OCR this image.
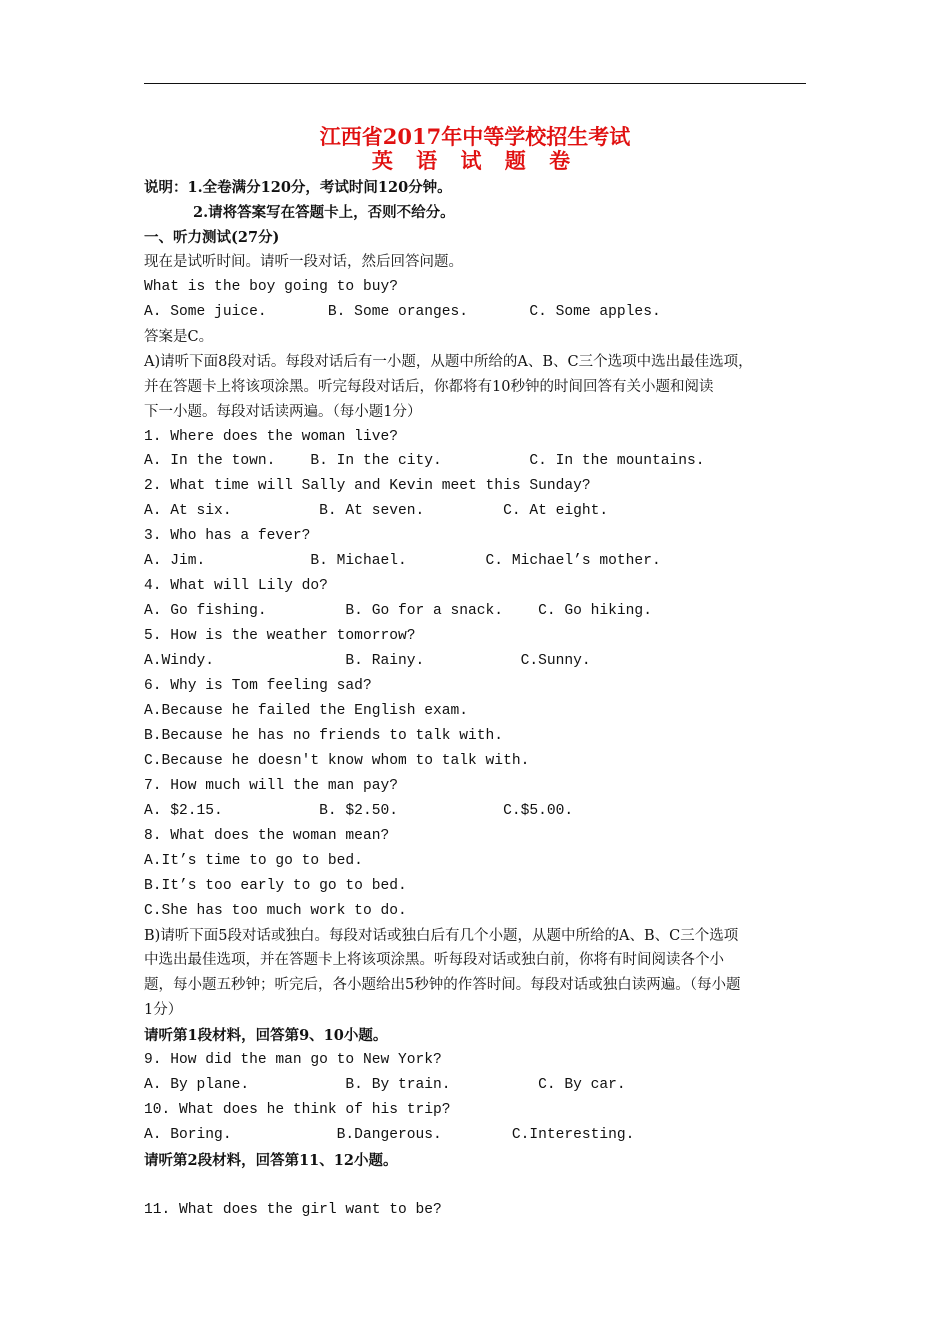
江西省2017年中等学校招生考试
英 语 试 题 卷
说明：1.全卷满分120分，考试时间120分钟。
2.请将答案写在答题卡上，否则不给分。
一、听力测试(27分)
现在是试听时间。请听一段对话，然后回答问题。
What is the boy going to buy?
A. Some juice.       B. Some oranges.       C. Some apples.
答案是C。
A)请听下面8段对话。每段对话后有一小题，从题中所给的A、B、C三个选项中选出最佳选项，
并在答题卡上将该项涂黑。听完每段对话后，你都将有10秒钟的时间回答有关小题和阅读
下一小题。每段对话读两遍。（每小题1分）
1. Where does the woman live?
A. In the town.    B. In the city.          C. In the mountains.
2. What time will Sally and Kevin meet this Sunday?
A. At six.          B. At seven.         C. At eight.
3. Who has a fever?
A. Jim.            B. Michael.         C. Michael’s mother.
4. What will Lily do?
A. Go fishing.         B. Go for a snack.    C. Go hiking.
5. How is the weather tomorrow?
A.Windy.               B. Rainy.           C.Sunny.
6. Why is Tom feeling sad?
A.Because he failed the English exam.
B.Because he has no friends to talk with.
C.Because he doesn't know whom to talk with.
7. How much will the man pay?
A. $2.15.           B. $2.50.            C.$5.00.
8. What does the woman mean?
A.It’s time to go to bed.
B.It’s too early to go to bed.
C.She has too much work to do.
B)请听下面5段对话或独白。每段对话或独白后有几个小题，从题中所给的A、B、C三个选项
中选出最佳选项，并在答题卡上将该项涂黑。听每段对话或独白前，你将有时间阅读各个小
题，每小题五秒钟；听完后，各小题给出5秒钟的作答时间。每段对话或独白读两遍。（每小题
1分）
请听第1段材料，回答第9、10小题。
9. How did the man go to New York?
A. By plane.           B. By train.          C. By car.
10. What does he think of his trip?
A. Boring.            B.Dangerous.        C.Interesting.
请听第2段材料，回答第11、12小题。
11. What does the girl want to be?
